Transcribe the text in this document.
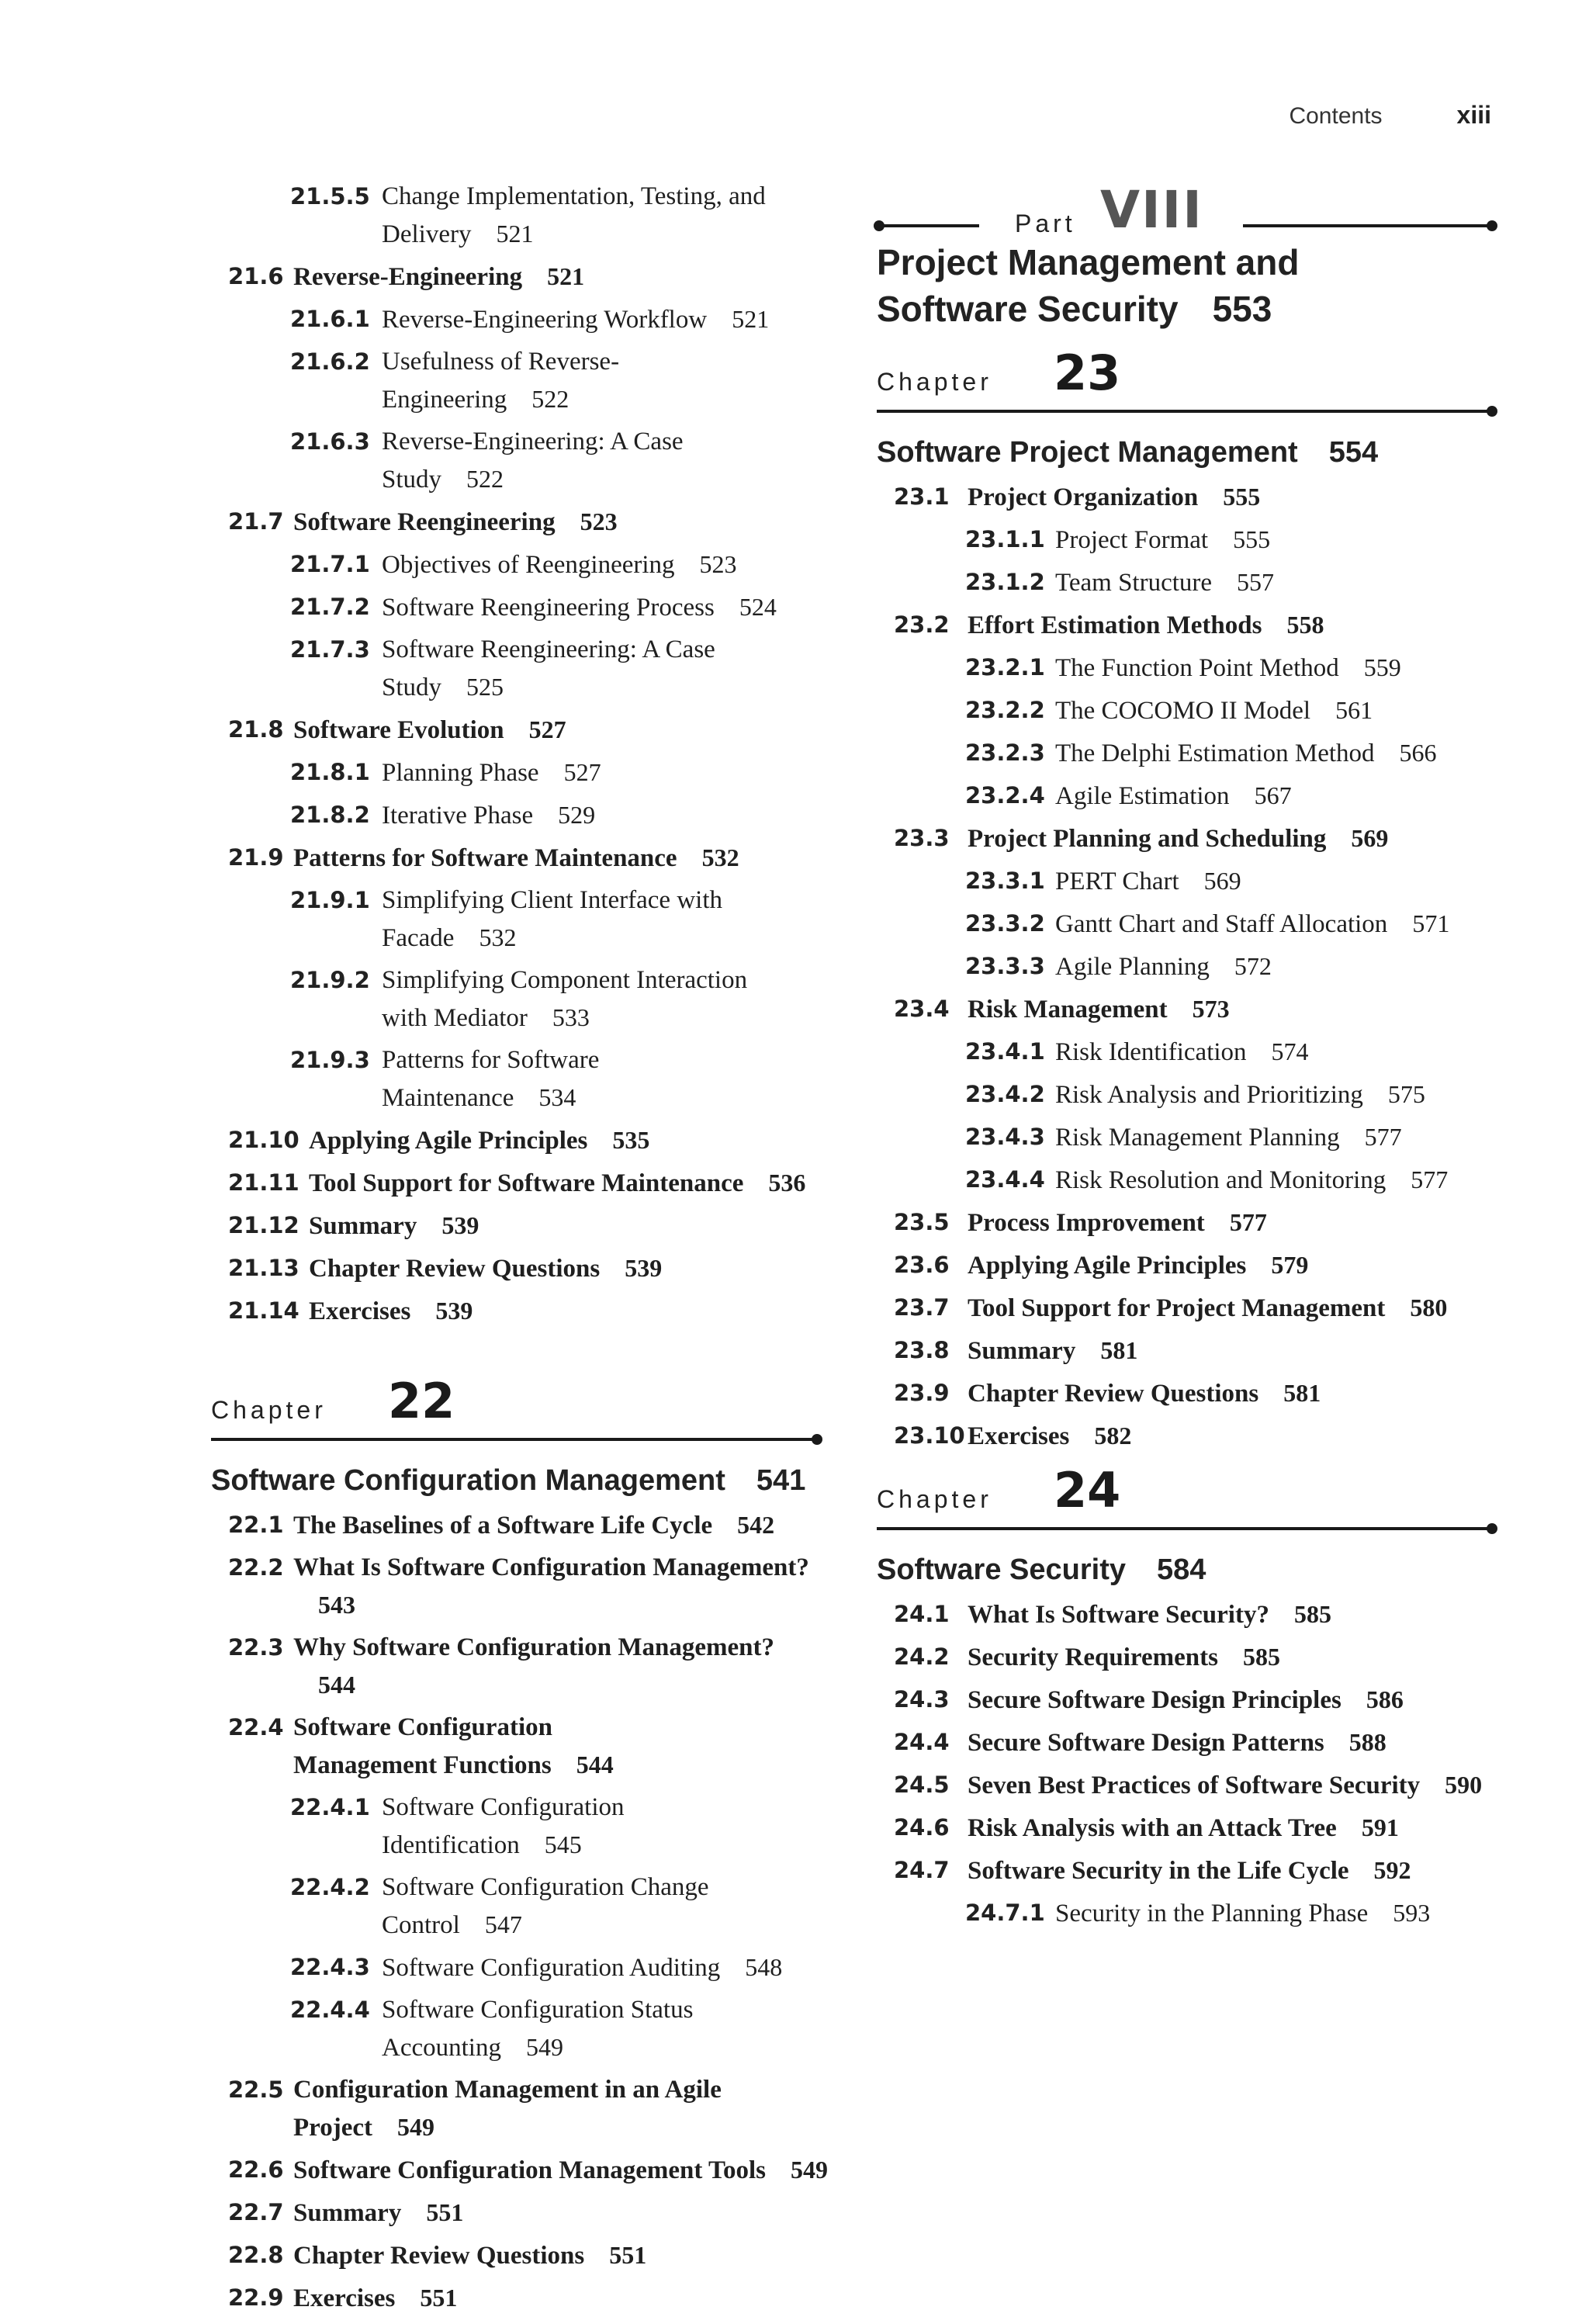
Contents	xiii
21.5.5 Change Implementation, Testing, and Delivery 521
21.6 Reverse-Engineering 521
21.6.1 Reverse-Engineering Workflow 521
21.6.2 Usefulness of Reverse-Engineering 522
21.6.3 Reverse-Engineering: A Case Study 522
21.7 Software Reengineering 523
21.7.1 Objectives of Reengineering 523
21.7.2 Software Reengineering Process 524
21.7.3 Software Reengineering: A Case Study 525
21.8 Software Evolution 527
21.8.1 Planning Phase 527
21.8.2 Iterative Phase 529
21.9 Patterns for Software Maintenance 532
21.9.1 Simplifying Client Interface with Facade 532
21.9.2 Simplifying Component Interaction with Mediator 533
21.9.3 Patterns for Software Maintenance 534
21.10 Applying Agile Principles 535
21.11 Tool Support for Software Maintenance 536
21.12 Summary 539
21.13 Chapter Review Questions 539
21.14 Exercises 539
Chapter 22
Software Configuration Management 541
22.1 The Baselines of a Software Life Cycle 542
22.2 What Is Software Configuration Management?543
22.3 Why Software Configuration Management?544
22.4 Software Configuration Management Functions 544
22.4.1 Software Configuration Identification 545
22.4.2 Software Configuration Change Control 547
22.4.3 Software Configuration Auditing 548
22.4.4 Software Configuration Status Accounting 549
22.5 Configuration Management in an Agile Project 549
22.6 Software Configuration Management Tools 549
22.7 Summary 551
22.8 Chapter Review Questions 551
22.9 Exercises 551
Part VIII
Project Management and Software Security 553
Chapter 23
Software Project Management 554
23.1 Project Organization 555
23.1.1 Project Format 555
23.1.2 Team Structure 557
23.2 Effort Estimation Methods 558
23.2.1 The Function Point Method 559
23.2.2 The COCOMO II Model 561
23.2.3 The Delphi Estimation Method 566
23.2.4 Agile Estimation 567
23.3 Project Planning and Scheduling 569
23.3.1 PERT Chart 569
23.3.2 Gantt Chart and Staff Allocation 571
23.3.3 Agile Planning 572
23.4 Risk Management 573
23.4.1 Risk Identification 574
23.4.2 Risk Analysis and Prioritizing 575
23.4.3 Risk Management Planning 577
23.4.4 Risk Resolution and Monitoring 577
23.5 Process Improvement 577
23.6 Applying Agile Principles 579
23.7 Tool Support for Project Management 580
23.8 Summary 581
23.9 Chapter Review Questions 581
23.10 Exercises 582
Chapter 24
Software Security 584
24.1 What Is Software Security? 585
24.2 Security Requirements 585
24.3 Secure Software Design Principles 586
24.4 Secure Software Design Patterns 588
24.5 Seven Best Practices of Software Security 590
24.6 Risk Analysis with an Attack Tree 591
24.7 Software Security in the Life Cycle 592
24.7.1 Security in the Planning Phase 593
